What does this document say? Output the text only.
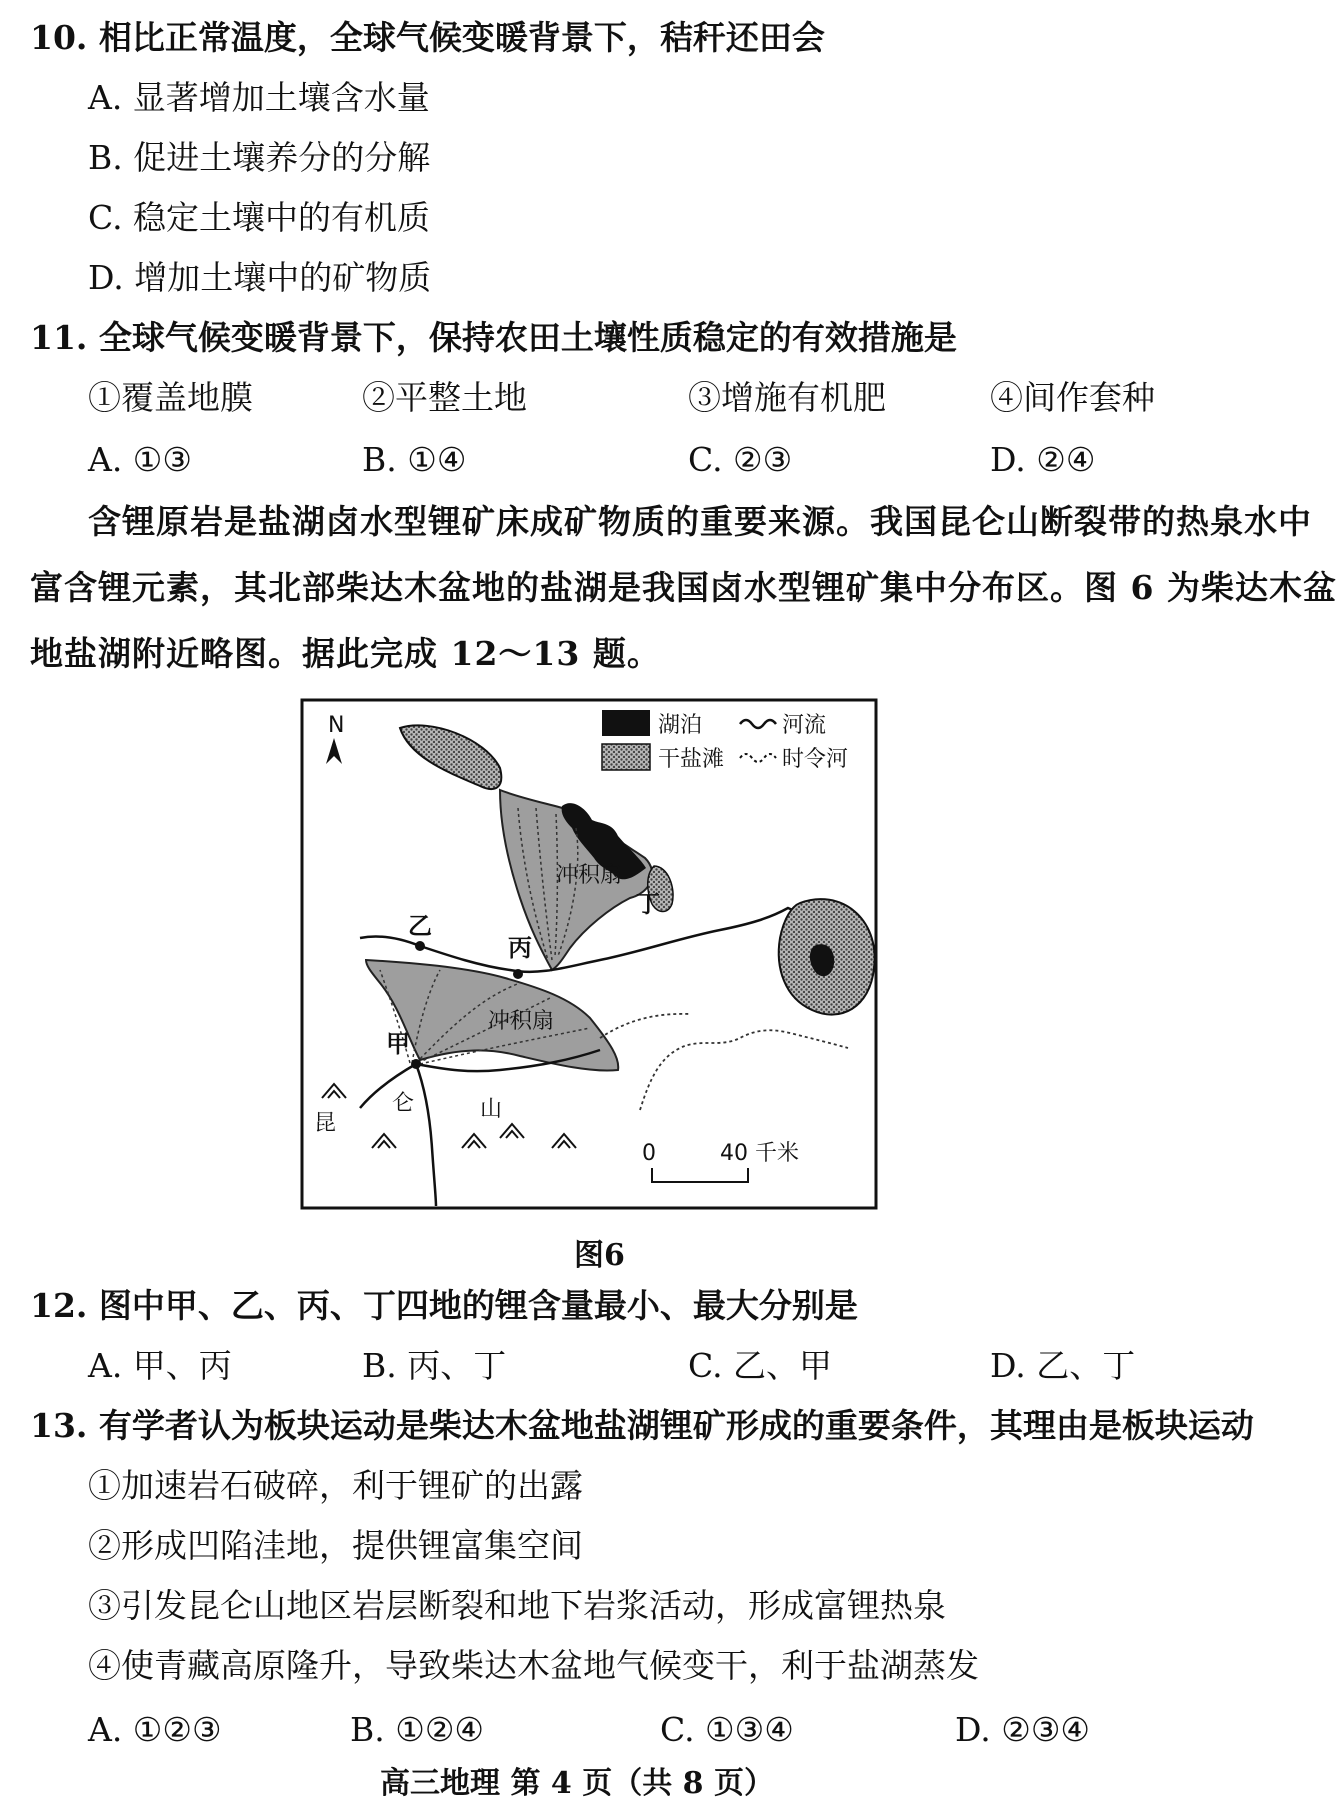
10. 相比正常温度，全球气候变暖背景下，秸秆还田会
A. 显著增加土壤含水量
B. 促进土壤养分的分解
C. 稳定土壤中的有机质
D. 增加土壤中的矿物质
11. 全球气候变暖背景下，保持农田土壤性质稳定的有效措施是
①覆盖地膜	②平整土地	③增施有机肥	④间作套种
A. ①③	B. ①④	C. ②③	D. ②④
含锂原岩是盐湖卤水型锂矿床成矿物质的重要来源。我国昆仑山断裂带的热泉水中
富含锂元素，其北部柴达木盆地的盐湖是我国卤水型锂矿集中分布区。图 6 为柴达木盆
地盐湖附近略图。据此完成 12～13 题。
N	湖泊	河流
干盐滩	时令河
乙
丙
甲
丁
冲积扇
冲积扇
昆
仑	山
0	40 千米
图6
12. 图中甲、乙、丙、丁四地的锂含量最小、最大分别是
A. 甲、丙	B. 丙、丁	C. 乙、甲	D. 乙、丁
13. 有学者认为板块运动是柴达木盆地盐湖锂矿形成的重要条件，其理由是板块运动
①加速岩石破碎，利于锂矿的出露
②形成凹陷洼地，提供锂富集空间
③引发昆仑山地区岩层断裂和地下岩浆活动，形成富锂热泉
④使青藏高原隆升，导致柴达木盆地气候变干，利于盐湖蒸发
A. ①②③	B. ①②④	C. ①③④	D. ②③④
高三地理 第 4 页（共 8 页）
